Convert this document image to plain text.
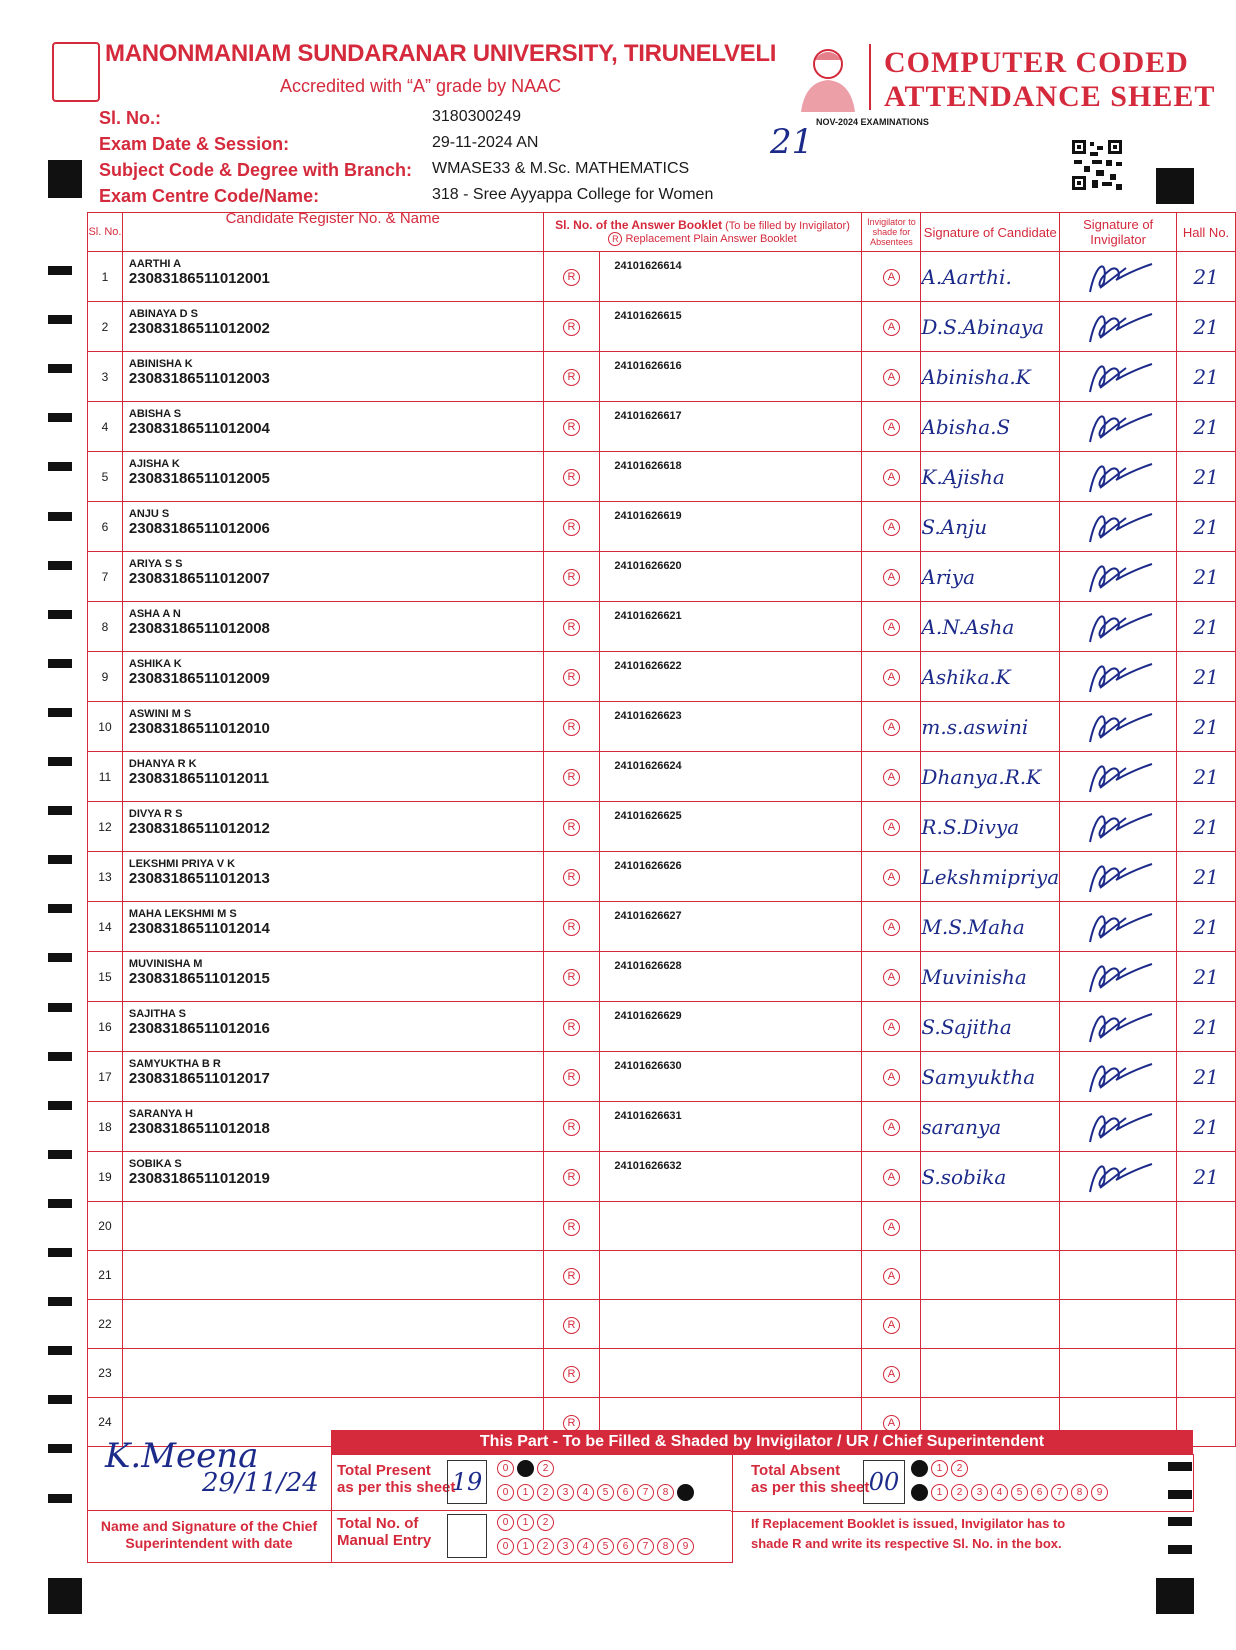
MANONMANIAM SUNDARANAR UNIVERSITY, TIRUNELVELI
Accredited with “A” grade by NAAC
COMPUTER CODED
ATTENDANCE SHEET
NOV-2024 EXAMINATIONS
21
Sl. No.:	3180300249
Exam Date & Session:	29-11-2024 AN
Subject Code & Degree with Branch: WMASE33 & M.Sc. MATHEMATICS
Exam Centre Code/Name:	318 - Sree Ayyappa College for Women
Sl. No.	Candidate Register No. & Name	Sl. No. of the Answer Booklet (To be filled by Invigilator)
R Replacement Plain Answer Booklet		Invigilator to shade for Absentees	Signature of Candidate	Signature of Invigilator	Hall No.
1	AARTHI A
23083186511012001	R	24101626614	A	A.Aarthi.		21

2	ABINAYA D S
23083186511012002	R	24101626615	A	D.S.Abinaya		21

3	ABINISHA K
23083186511012003	R	24101626616	A	Abinisha.K		21

4	ABISHA S
23083186511012004	R	24101626617	A	Abisha.S		21

5	AJISHA K
23083186511012005	R	24101626618	A	K.Ajisha		21

6	ANJU S
23083186511012006	R	24101626619	A	S.Anju		21

7	ARIYA S S
23083186511012007	R	24101626620	A	Ariya		21

8	ASHA A N
23083186511012008	R	24101626621	A	A.N.Asha		21

9	ASHIKA K
23083186511012009	R	24101626622	A	Ashika.K		21

10	ASWINI M S
23083186511012010	R	24101626623	A	m.s.aswini		21

11	DHANYA R K
23083186511012011	R	24101626624	A	Dhanya.R.K		21

12	DIVYA R S
23083186511012012	R	24101626625	A	R.S.Divya		21

13	LEKSHMI PRIYA V K
23083186511012013	R	24101626626	A	Lekshmipriya		21

14	MAHA LEKSHMI M S
23083186511012014	R	24101626627	A	M.S.Maha		21

15	MUVINISHA M
23083186511012015	R	24101626628	A	Muvinisha		21

16	SAJITHA S
23083186511012016	R	24101626629	A	S.Sajitha		21

17	SAMYUKTHA B R
23083186511012017	R	24101626630	A	Samyuktha		21

18	SARANYA H
23083186511012018	R	24101626631	A	saranya		21

19	SOBIKA S
23083186511012019	R	24101626632	A	S.sobika		21

20		R		A	

21		R		A	

22		R		A	

23		R		A	

24		R		A	

K.Meena
29/11/24
Name and Signature of the Chief Superintendent with date
This Part - To be Filled & Shaded by Invigilator / UR / Chief Superintendent
Total Present
as per this sheet
19	0	1	2
0	1	2	3	4	5	6	7	8	9
Total Absent
as per this sheet 00	0	1	2
0	1	2	3	4	5	6	7	8	9
Total No. of
Manual Entry
0	1	2
0	1	2	3	4	5	6	7	8	9
If Replacement Booklet is issued, Invigilator has to
shade R and write its respective Sl. No. in the box.
